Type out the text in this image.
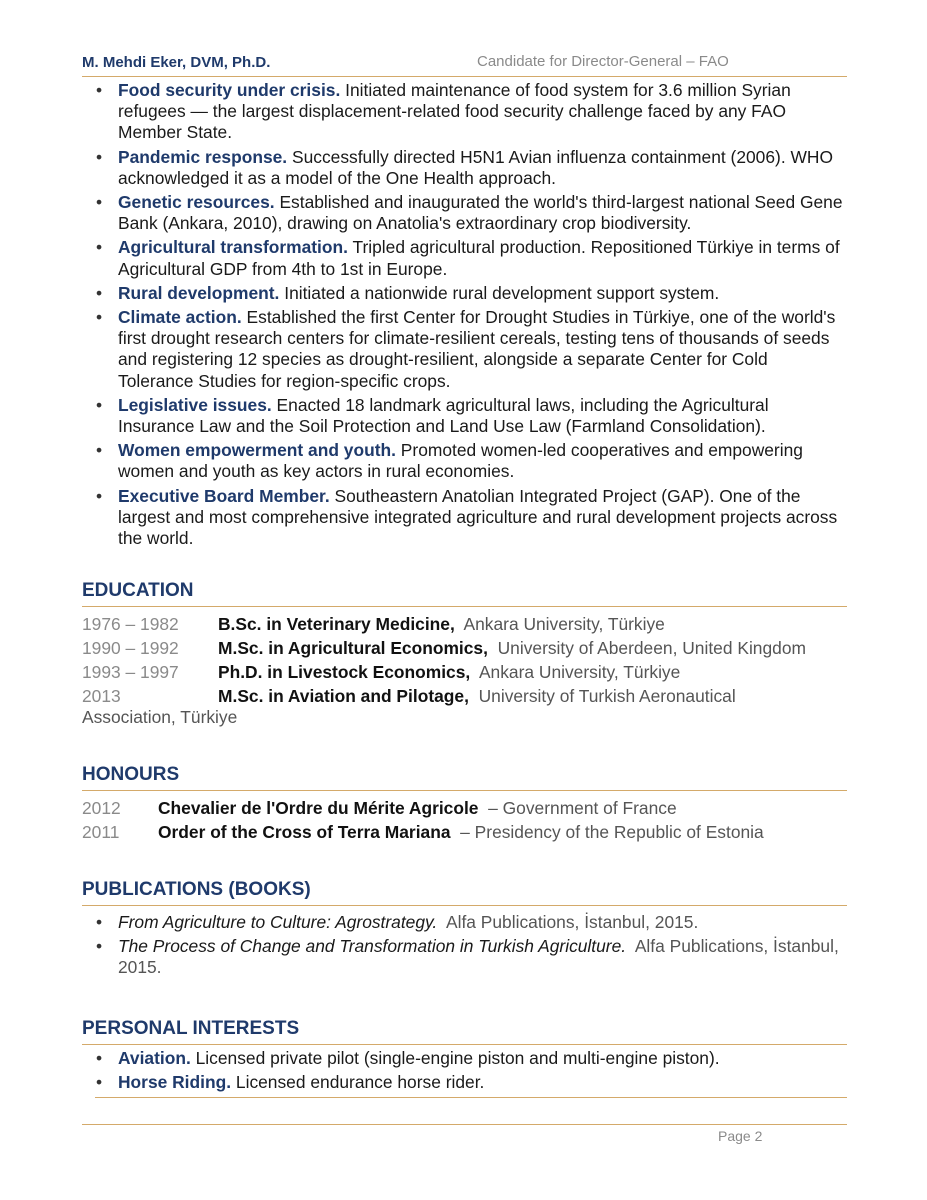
M. Mehdi Eker, DVM, Ph.D.	Candidate for Director-General – FAO
• Food security under crisis. Initiated maintenance of food system for 3.6 million Syrian refugees — the largest displacement-related food security challenge faced by any FAO Member State.
• Pandemic response. Successfully directed H5N1 Avian influenza containment (2006). WHO acknowledged it as a model of the One Health approach.
• Genetic resources. Established and inaugurated the world's third-largest national Seed Gene Bank (Ankara, 2010), drawing on Anatolia's extraordinary crop biodiversity.
• Agricultural transformation. Tripled agricultural production. Repositioned Türkiye in terms of Agricultural GDP from 4th to 1st in Europe.
• Rural development. Initiated a nationwide rural development support system.
• Climate action. Established the first Center for Drought Studies in Türkiye, one of the world's first drought research centers for climate-resilient cereals, testing tens of thousands of seeds and registering 12 species as drought-resilient, alongside a separate Center for Cold Tolerance Studies for region-specific crops.
• Legislative issues. Enacted 18 landmark agricultural laws, including the Agricultural Insurance Law and the Soil Protection and Land Use Law (Farmland Consolidation).
• Women empowerment and youth. Promoted women-led cooperatives and empowering women and youth as key actors in rural economies.
• Executive Board Member. Southeastern Anatolian Integrated Project (GAP). One of the largest and most comprehensive integrated agriculture and rural development projects across the world.
EDUCATION
1976 – 1982 B.Sc. in Veterinary Medicine, Ankara University, Türkiye
1990 – 1992 M.Sc. in Agricultural Economics, University of Aberdeen, United Kingdom
1993 – 1997 Ph.D. in Livestock Economics, Ankara University, Türkiye
2013	M.Sc. in Aviation and Pilotage, University of Turkish Aeronautical
Association, Türkiye
HONOURS
2012 Chevalier de l'Ordre du Mérite Agricole – Government of France
2011 Order of the Cross of Terra Mariana – Presidency of the Republic of Estonia
PUBLICATIONS (BOOKS)
• From Agriculture to Culture: Agrostrategy. Alfa Publications, İstanbul, 2015.
• The Process of Change and Transformation in Turkish Agriculture. Alfa Publications, İstanbul, 2015.
PERSONAL INTERESTS
• Aviation. Licensed private pilot (single-engine piston and multi-engine piston).
• Horse Riding. Licensed endurance horse rider.
Page 2
